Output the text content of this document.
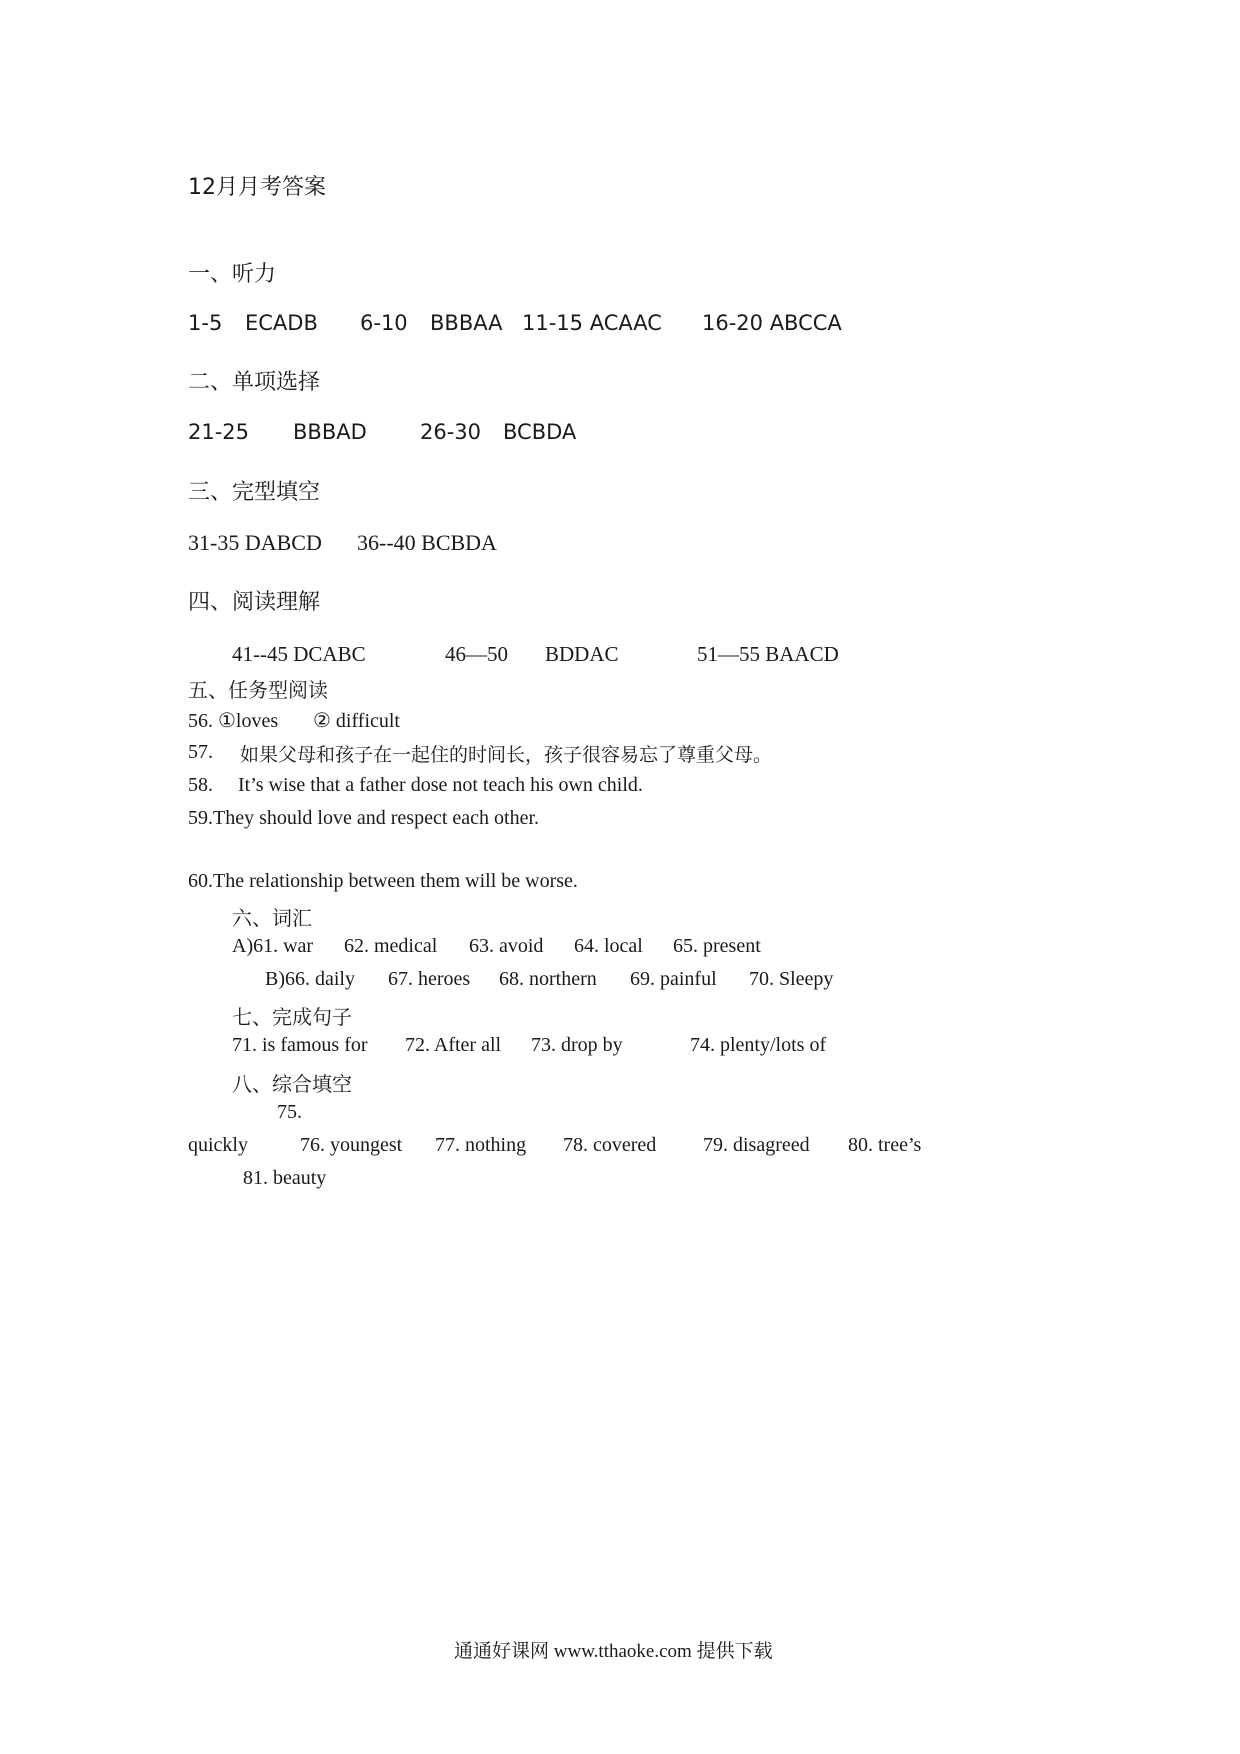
12月月考答案
一、听力
1-5 ECADB 6-10 BBBAA 11-15 ACAAC 16-20 ABCCA
二、单项选择
21-25 BBBAD	26-30 BCBDA
三、完型填空
31-35 DABCD 36--40 BCBDA
四、阅读理解
41--45 DCABC	46—50 BDDAC	51—55 BAACD
五、任务型阅读
56. ①loves ② difficult
57. 如果父母和孩子在一起住的时间长，孩子很容易忘了尊重父母。
58. It’s wise that a father dose not teach his own child.
59.They should love and respect each other.
60.The relationship between them will be worse.
六、词汇
A)61. war 62. medical 63. avoid 64. local 65. present
B)66. daily 67. heroes 68. northern 69. painful 70. Sleepy
七、完成句子
71. is famous for 72. After all 73. drop by	74. plenty/lots of
八、综合填空
75.
quickly	76. youngest 77. nothing 78. covered 79. disagreed 80. tree’s
81. beauty
通通好课网 www.tthaoke.com 提供下载
